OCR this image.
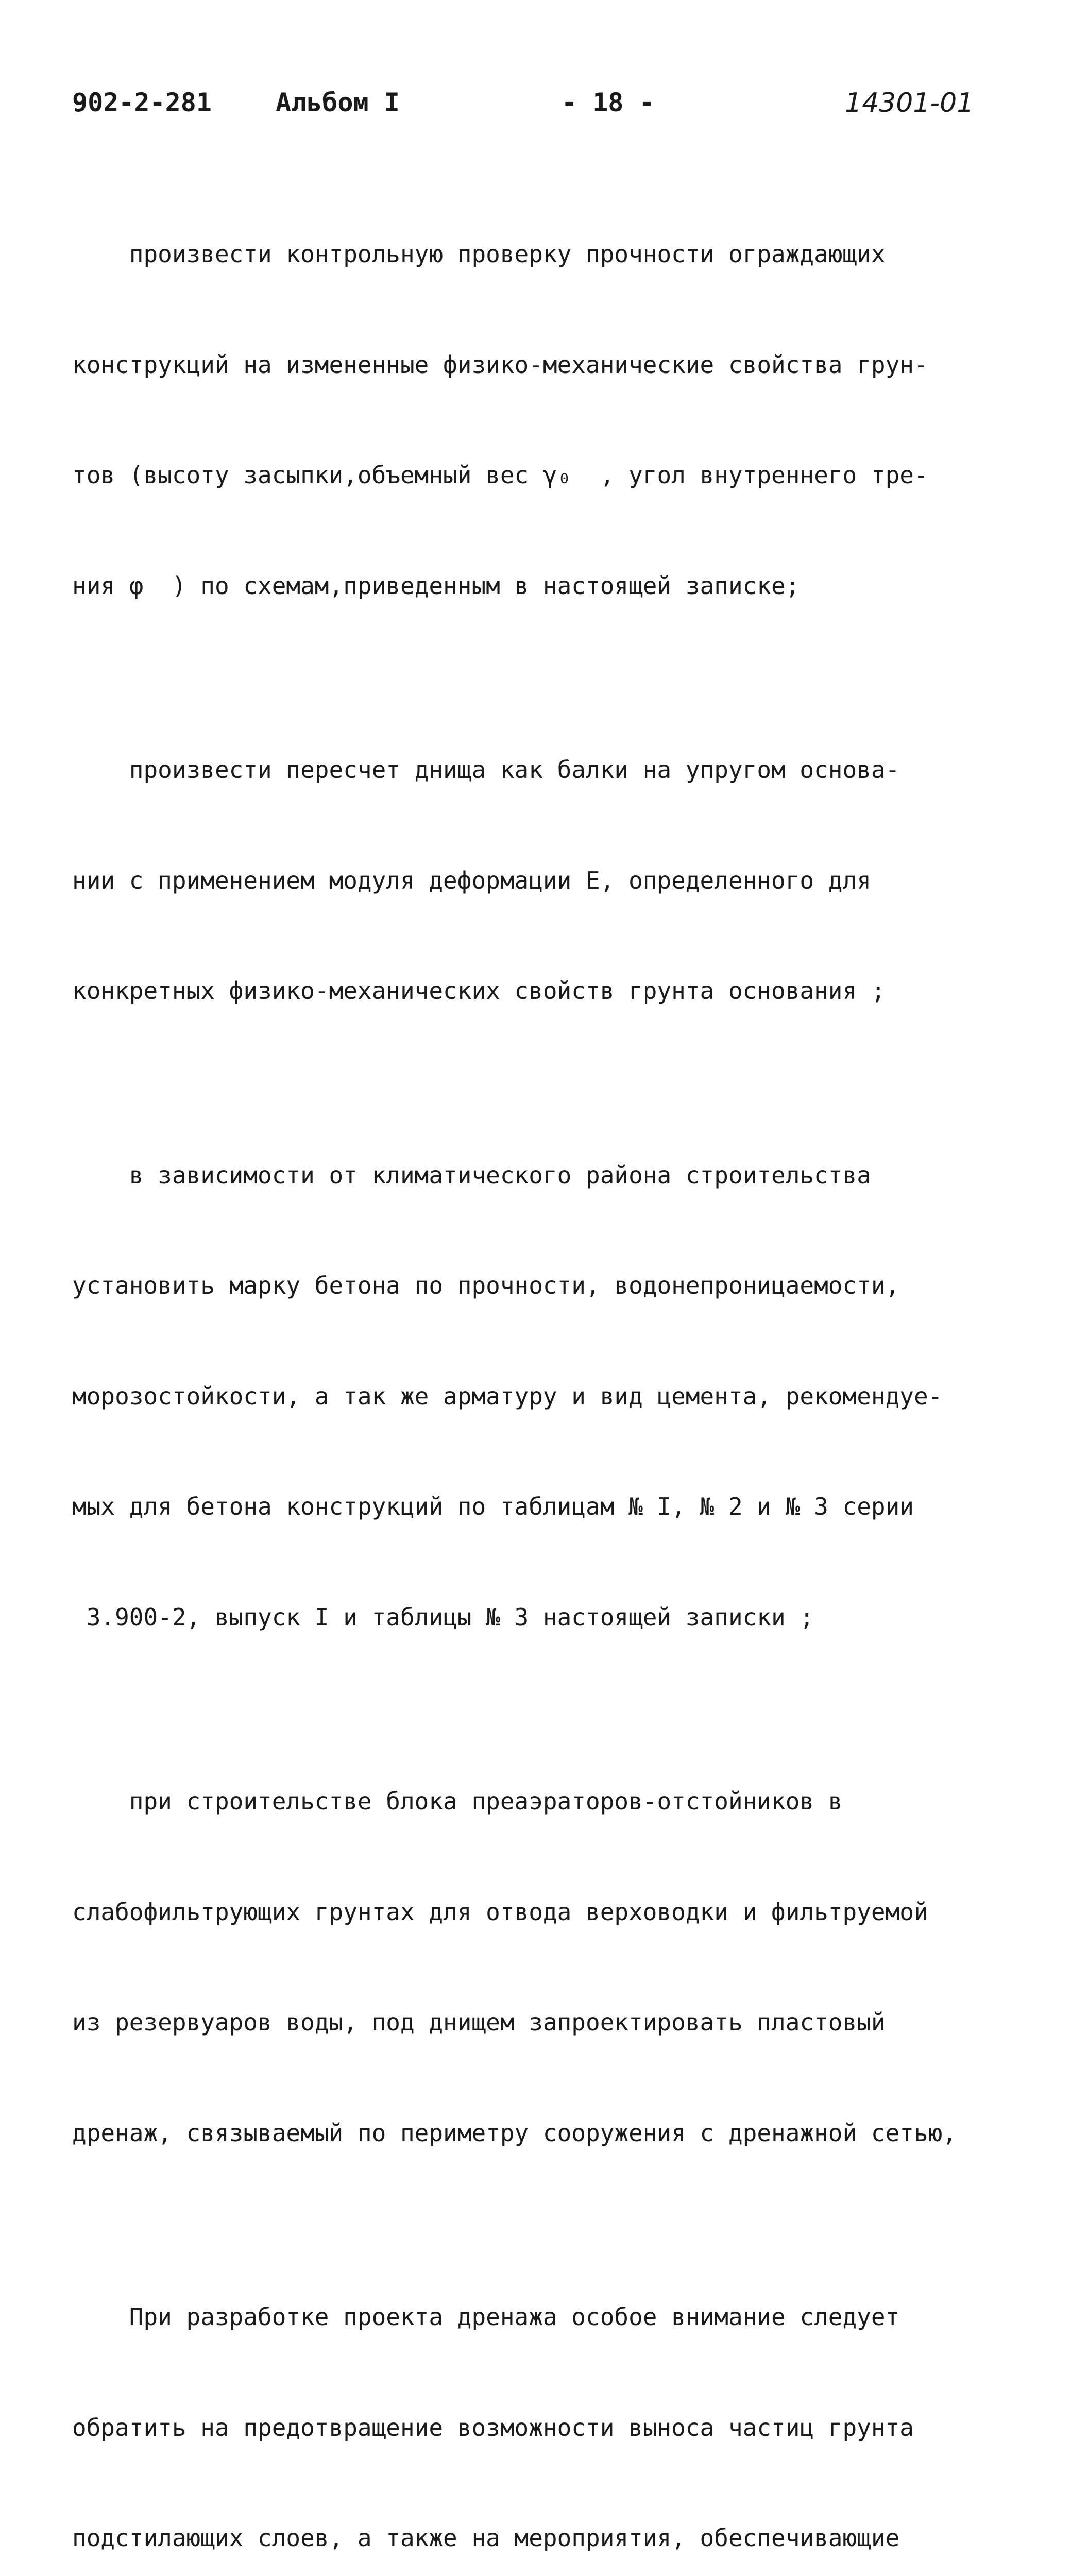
902-2-281 Альбом I	- 18 -	14301-01

произвести контрольную проверку прочности ограждающих

конструкций на измененные физико-механические свойства грун-

тов (высоту засыпки,объемный вес γ₀  , угол внутреннего тре-

ния φ  ) по схемам,приведенным в настоящей записке;

произвести пересчет днища как балки на упругом основа-

нии с применением модуля деформации E, определенного для

конкретных физико-механических свойств грунта основания ;

в зависимости от климатического района строительства

установить марку бетона по прочности, водонепроницаемости,

морозостойкости, а так же арматуру и вид цемента, рекомендуе-

мых для бетона конструкций по таблицам № I, № 2 и № 3 серии

3.900-2, выпуск I и таблицы № 3 настоящей записки ;

при строительстве блока преаэраторов-отстойников в

слабофильтрующих грунтах для отвода верховодки и фильтруемой

из резервуаров воды, под днищем запроектировать пластовый

дренаж, связываемый по периметру сооружения с дренажной сетью,

При разработке проекта дренажа особое внимание следует

обратить на предотвращение возможности выноса частиц грунта

подстилающих слоев, а также на мероприятия, обеспечивающие
